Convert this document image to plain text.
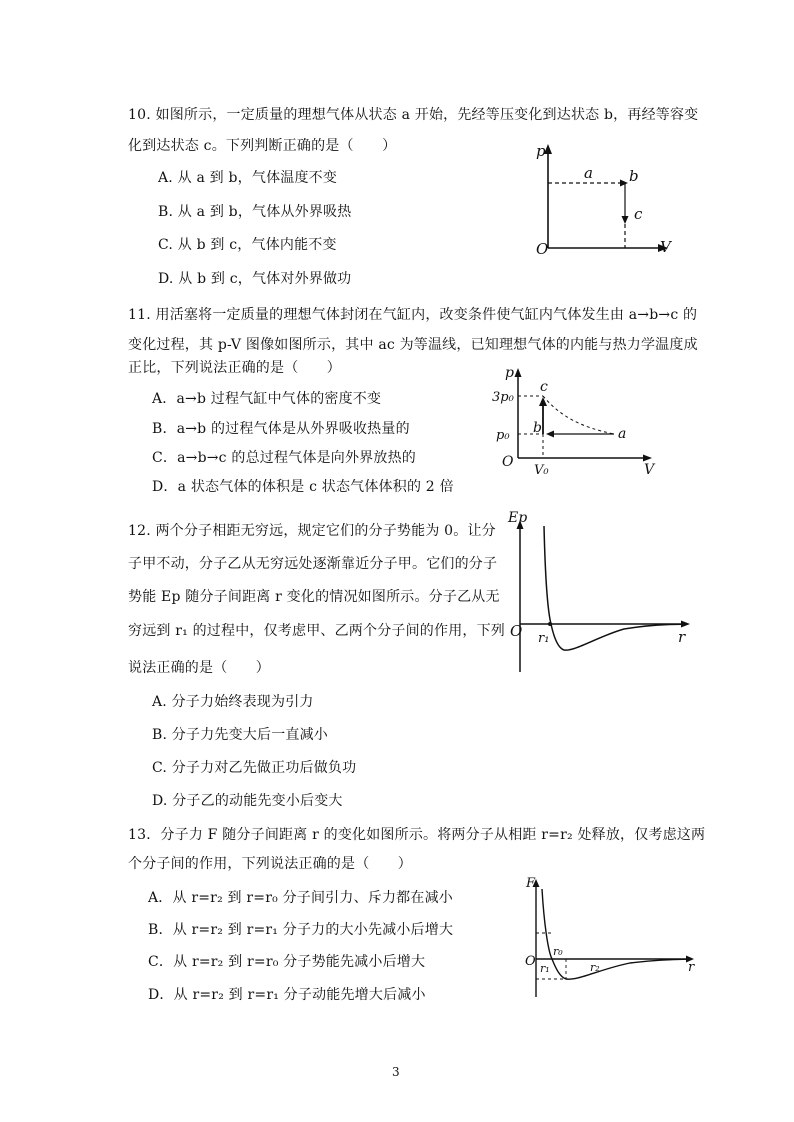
10. 如图所示，一定质量的理想气体从状态 a 开始，先经等压变化到达状态 b，再经等容变
化到达状态 c。下列判断正确的是（　　）
A. 从 a 到 b，气体温度不变
B. 从 a 到 b，气体从外界吸热
C. 从 b 到 c，气体内能不变
D. 从 b 到 c，气体对外界做功
p
V
O
a b
c
11. 用活塞将一定质量的理想气体封闭在气缸内，改变条件使气缸内气体发生由 a→b→c 的
变化过程，其 p-V 图像如图所示，其中 ac 为等温线，已知理想气体的内能与热力学温度成
正比，下列说法正确的是（　　）
A．a→b 过程气缸中气体的密度不变
B．a→b 的过程气体是从外界吸收热量的
C．a→b→c 的总过程气体是向外界放热的
D．a 状态气体的体积是 c 状态气体体积的 2 倍
p
V
O
3p₀
p₀
V₀
a
b
c
12. 两个分子相距无穷远，规定它们的分子势能为 0。让分
子甲不动，分子乙从无穷远处逐渐靠近分子甲。它们的分子
势能 Ep 随分子间距离 r 变化的情况如图所示。分子乙从无
穷远到 r₁ 的过程中，仅考虑甲、乙两个分子间的作用，下列
说法正确的是（　　）
A. 分子力始终表现为引力
B. 分子力先变大后一直减小
C. 分子力对乙先做正功后做负功
D. 分子乙的动能先变小后变大
Ep
r
O r₁
13．分子力 F 随分子间距离 r 的变化如图所示。将两分子从相距 r=r₂ 处释放，仅考虑这两
个分子间的作用，下列说法正确的是（　　）
A．从 r=r₂ 到 r=r₀ 分子间引力、斥力都在减小
B．从 r=r₂ 到 r=r₁ 分子力的大小先减小后增大
C．从 r=r₂ 到 r=r₀ 分子势能先减小后增大
D．从 r=r₂ 到 r=r₁ 分子动能先增大后减小
F
r
O
r₀
r₁	r₂
3
